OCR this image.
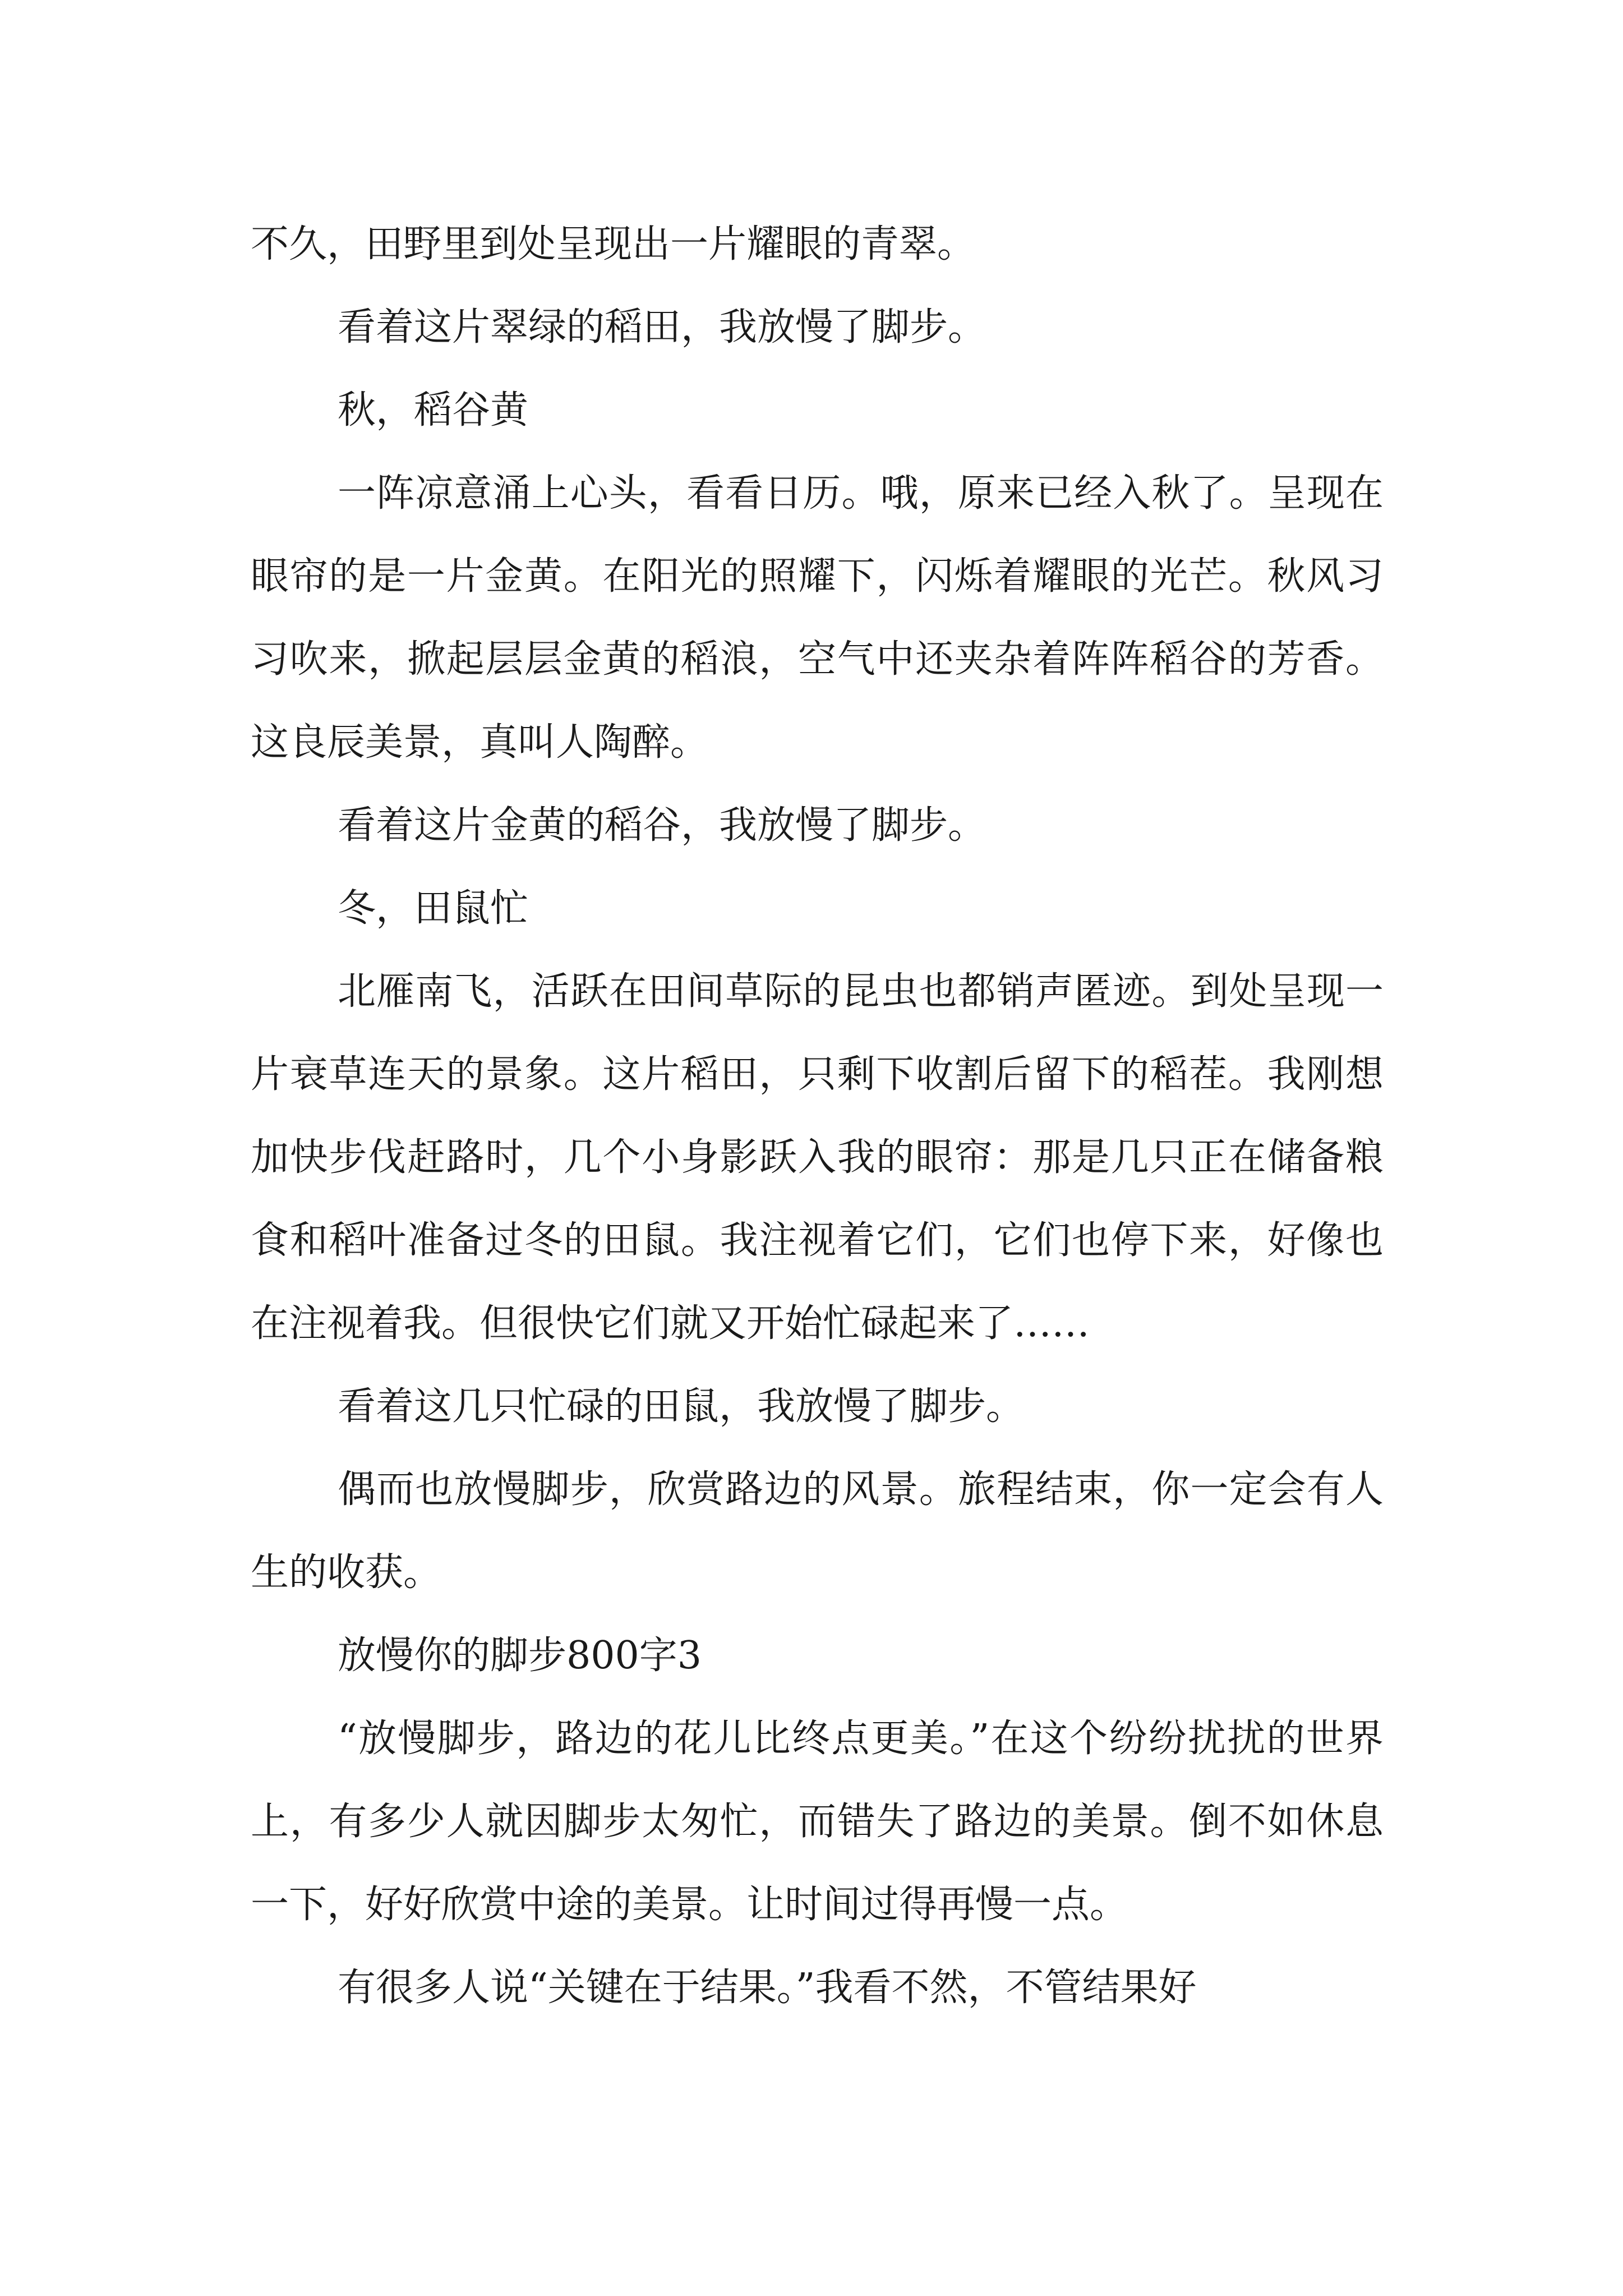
不久，田野里到处呈现出一片耀眼的青翠。

看着这片翠绿的稻田，我放慢了脚步。

秋，稻谷黄

一阵凉意涌上心头，看看日历。哦，原来已经入秋了。呈现在眼帘的是一片金黄。在阳光的照耀下，闪烁着耀眼的光芒。秋风习习吹来，掀起层层金黄的稻浪，空气中还夹杂着阵阵稻谷的芳香。这良辰美景，真叫人陶醉。

看着这片金黄的稻谷，我放慢了脚步。

冬，田鼠忙

北雁南飞，活跃在田间草际的昆虫也都销声匿迹。到处呈现一片衰草连天的景象。这片稻田，只剩下收割后留下的稻茬。我刚想加快步伐赶路时，几个小身影跃入我的眼帘：那是几只正在储备粮食和稻叶准备过冬的田鼠。我注视着它们，它们也停下来，好像也在注视着我。但很快它们就又开始忙碌起来了……

看着这几只忙碌的田鼠，我放慢了脚步。

偶而也放慢脚步，欣赏路边的风景。旅程结束，你一定会有人生的收获。

放慢你的脚步800字3

“放慢脚步，路边的花儿比终点更美。”在这个纷纷扰扰的世界上，有多少人就因脚步太匆忙，而错失了路边的美景。倒不如休息一下，好好欣赏中途的美景。让时间过得再慢一点。

有很多人说“关键在于结果。”我看不然，不管结果好
